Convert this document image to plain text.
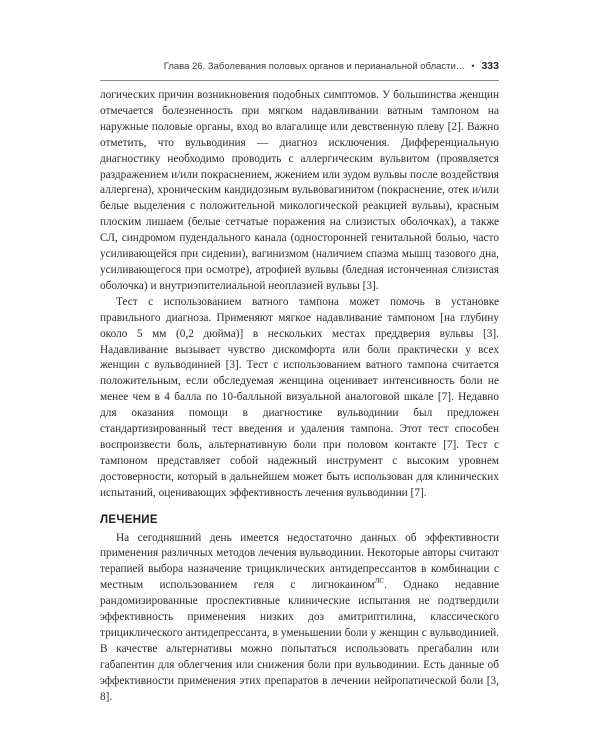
Глава 26. Заболевания половых органов и перианальной области… • 333

логических причин возникновения подобных симптомов. У большинства женщин отмечается болезненность при мягком надавливании ватным тампоном на наружные половые органы, вход во влагалище или девственную плеву [2]. Важно отметить, что вульводиния — диагноз исключения. Дифференциальную диагностику необходимо проводить с аллергическим вульвитом (проявляется раздражением и/или покраснением, жжением или зудом вульвы после воздействия аллергена), хроническим кандидозным вульвовагинитом (покраснение, отек и/или белые выделения с положительной микологической реакцией вульвы), красным плоским лишаем (белые сетчатые поражения на слизистых оболочках), а также СЛ, синдромом пудендального канала (односторонней генитальной болью, часто усиливающейся при сидении), вагинизмом (наличием спазма мышц тазового дна, усиливающегося при осмотре), атрофией вульвы (бледная истонченная слизистая оболочка) и внутриэпителиальной неоплазией вульвы [3].

Тест с использованием ватного тампона может помочь в установке правильного диагноза. Применяют мягкое надавливание тампоном [на глубину около 5 мм (0,2 дюйма)] в нескольких местах преддверия вульвы [3]. Надавливание вызывает чувство дискомфорта или боли практически у всех женщин с вульводинией [3]. Тест с использованием ватного тампона считается положительным, если обследуемая женщина оценивает интенсивность боли не менее чем в 4 балла по 10-балльной визуальной аналоговой шкале [7]. Недавно для оказания помощи в диагностике вульводинии был предложен стандартизированный тест введения и удаления тампона. Этот тест способен воспроизвести боль, альтернативную боли при половом контакте [7]. Тест с тампоном представляет собой надежный инструмент с высоким уровнем достоверности, который в дальнейшем может быть использован для клинических испытаний, оценивающих эффективность лечения вульводинии [7].

ЛЕЧЕНИЕ

На сегодняшний день имеется недостаточно данных об эффективности применения различных методов лечения вульводинии. Некоторые авторы считают терапией выбора назначение трициклических антидепрессантов в комбинации с местным использованием геля с лигнокаином$^{ЛС}$. Однако недавние рандомизированные проспективные клинические испытания не подтвердили эффективность применения низких доз амитриптилина, классического трициклического антидепрессанта, в уменьшении боли у женщин с вульводинией. В качестве альтернативы можно попытаться использовать прегабалин или габапентин для облегчения или снижения боли при вульводинии. Есть данные об эффективности применения этих препаратов в лечении нейропатической боли [3, 8].
